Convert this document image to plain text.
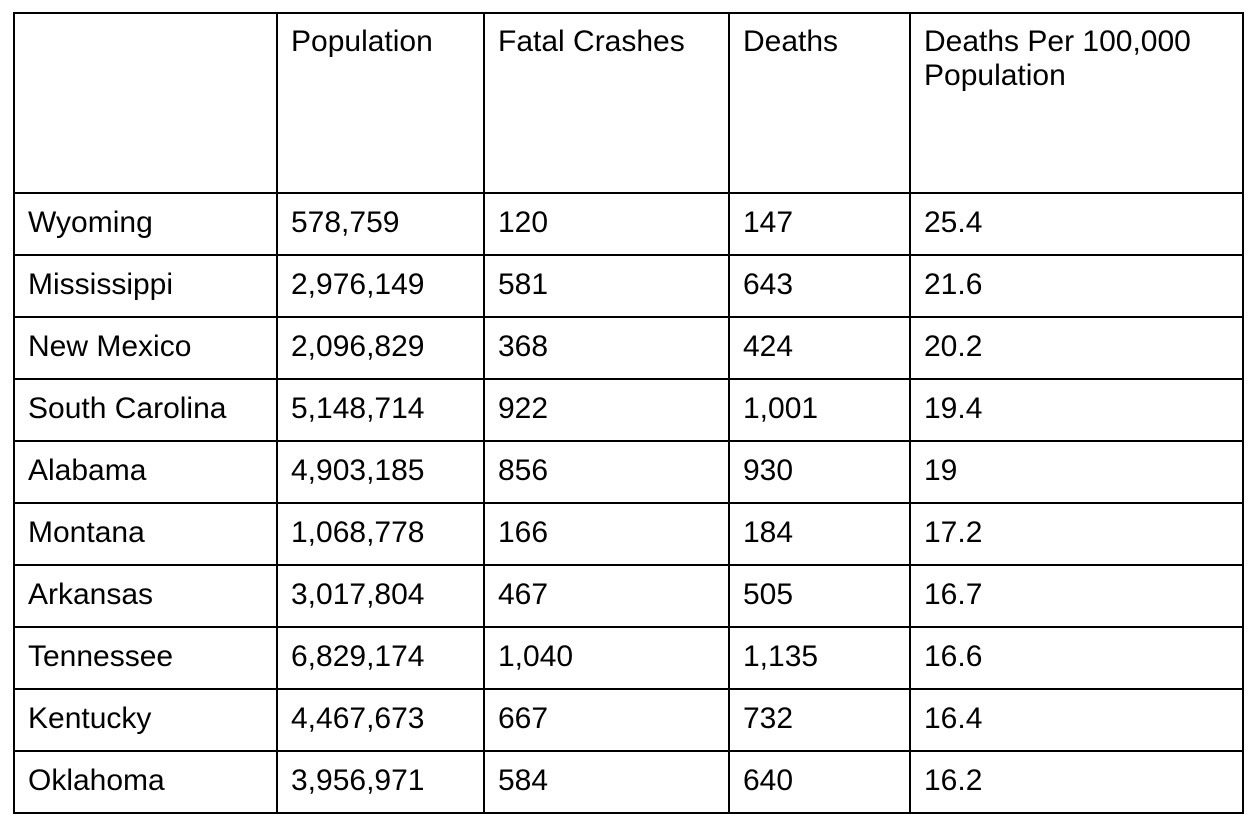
	Population	Fatal Crashes	Deaths	Deaths Per 100,000 Population
Wyoming	578,759	120	147	25.4
Mississippi	2,976,149	581	643	21.6
New Mexico	2,096,829	368	424	20.2
South Carolina	5,148,714	922	1,001	19.4
Alabama	4,903,185	856	930	19
Montana	1,068,778	166	184	17.2
Arkansas	3,017,804	467	505	16.7
Tennessee	6,829,174	1,040	1,135	16.6
Kentucky	4,467,673	667	732	16.4
Oklahoma	3,956,971	584	640	16.2
